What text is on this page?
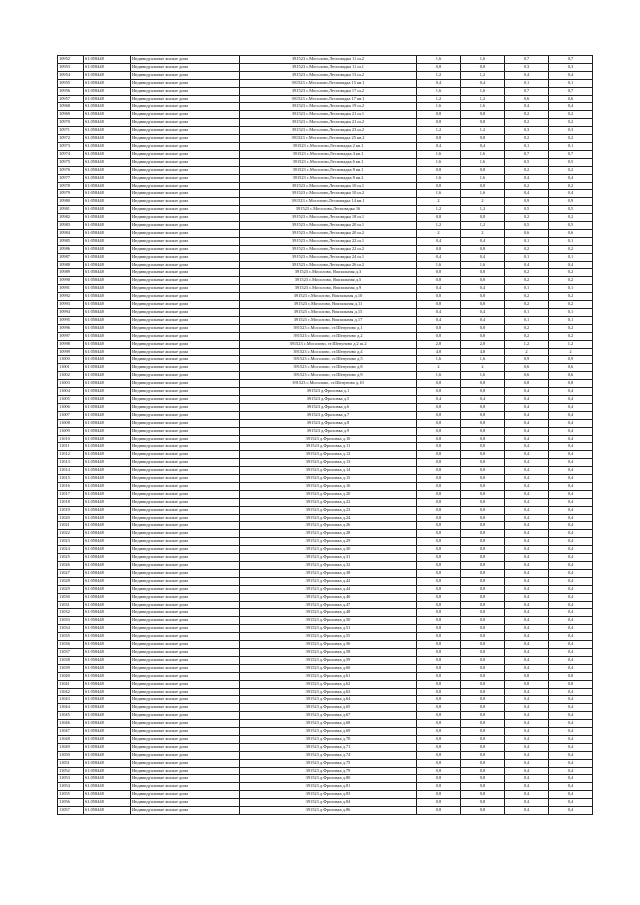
10952	61:058448	Индивидуальные жилые дома	391523 с.Мосолово,Лесповадка 11 ш.2	1,6	1,6	0,7	0,7
10953	61:058448	Индивидуальные жилые дома	391523 с.Мосолово,Лесповадка 11 ш.1	0,8	0,8	0,3	0,3
10954	61:058448	Индивидуальные жилые дома	391523 с.Мосолово,Лесповадка 13 ш.2	1,2	1,2	0,4	0,4
10955	61:058448	Индивидуальные жилые дома	391523 с.Мосолово,Лесповадка 15 кв.1	0,4	0,4	0,1	0,1
10956	61:058448	Индивидуальные жилые дома	391523 с.Мосолово,Лесповадка 17 ш.2	1,6	1,6	0,7	0,7
10957	61:058448	Индивидуальные жилые дома	391523 с.Мосолово,Лесповадка 17 кв.1	1,2	1,2	0,6	0,6
10968	61:058448	Индивидуальные жилые дома	391523 с.Мосолово,Лесповадка 19 ш.2	1,6	1,6	0,4	0,4
10969	61:058448	Индивидуальные жилые дома	391523 с.Мосолово,Лесповадка 21 ш.1	0,8	0,8	0,2	0,2
10970	61:058448	Индивидуальные жилые дома	391523 с.Мосолово,Лесповадка 21 ш.2	0,8	0,8	0,2	0,2
10971	61:058448	Индивидуальные жилые дома	391523 с.Мосолово,Лесповадка 23 ш.2	1,2	1,2	0,3	0,3
10972	61:058448	Индивидуальные жилые дома	391523 с.Мосолово,Лесповадка 25 кв.2	0,8	0,8	0,2	0,2
10973	61:058448	Индивидуальные жилые дома	391523 с.Мосолово,Лесповадка 2 кв.1	0,4	0,4	0,1	0,1
10974	61:058448	Индивидуальные жилые дома	391523 с.Мосолово,Лесповадка 4 кв.1	1,6	1,6	0,7	0,7
10975	61:058448	Индивидуальные жилые дома	391523 с.Мосолово,Лесповадка 6 кв.1	1,6	1,6	0,5	0,5
10976	61:058448	Индивидуальные жилые дома	391523 с.Мосолово,Лесповадка 8 кв.1	0,8	0,8	0,2	0,2
10977	61:058448	Индивидуальные жилые дома	391523 с.Мосолово,Лесповадка 8 кв.2	1,6	1,6	0,4	0,4
10978	61:058448	Индивидуальные жилые дома	391523 с.Мосолово,Лесповадка 10 ш.1	0,8	0,8	0,2	0,2
10979	61:058448	Индивидуальные жилые дома	391523 с.Мосолово,Лесповадка 10 ш.2	1,6	1,6	0,4	0,4
10980	61:058448	Индивидуальные жилые дома	391523 с.Мосолово,Лесповадка 14 кв.1	2	2	0,9	0,9
10981	61:058448	Индивидуальные жилые дома	391523 с.Мосолово,Лесповадка 16	1,2	1,2	0,5	0,5
10982	61:058448	Индивидуальные жилые дома	391523 с.Мосолово,Лесповадка 18 ш.1	0,8	0,8	0,2	0,2
10983	61:058448	Индивидуальные жилые дома	391523 с.Мосолово,Лесповадка 20 ш.1	1,2	1,2	0,5	0,5
10984	61:058448	Индивидуальные жилые дома	391523 с.Мосолово,Лесповадка 20 ш.2	2	2	0,6	0,6
10985	61:058448	Индивидуальные жилые дома	391523 с.Мосолово,Лесповадка 22 ш.1	0,4	0,4	0,1	0,1
10986	61:058448	Индивидуальные жилые дома	391523 с.Мосолово,Лесповадка 22 ш.2	0,8	0,8	0,2	0,2
10987	61:058448	Индивидуальные жилые дома	391523 с.Мосолово,Лесповадка 24 ш.1	0,4	0,4	0,1	0,1
10988	61:058448	Индивидуальные жилые дома	391523 с.Мосолово,Лесповадка 26 ш.2	1,6	1,6	0,4	0,4
10989	61:058448	Индивидуальные жилые дома	391523 с.Мосолово, Вокзальная д.3	0,8	0,8	0,2	0,2
10990	61:058448	Индивидуальные жилые дома	391523 с.Мосолово, Вокзальная д.5	0,8	0,8	0,2	0,2
10991	61:058448	Индивидуальные жилые дома	391523 с.Мосолово, Вокзальная д.9	0,4	0,4	0,1	0,1
10992	61:058448	Индивидуальные жилые дома	391523 с.Мосолово, Вокзальная д.10	0,8	0,8	0,2	0,2
10993	61:058448	Индивидуальные жилые дома	391523 с.Мосолово, Вокзальная д.11	0,8	0,8	0,2	0,2
10994	61:058448	Индивидуальные жилые дома	391523 с.Мосолово, Вокзальная д.15	0,4	0,4	0,1	0,1
10995	61:058448	Индивидуальные жилые дома	391523 с.Мосолово, Вокзальная д.17	0,4	0,4	0,1	0,1
10996	61:058448	Индивидуальные жилые дома	391523 с.Мосолово, ст.Шепуново д.1	0,8	0,8	0,2	0,2
10997	61:058448	Индивидуальные жилые дома	391523 с.Мосолово, ст.Шепуново д.2	0,8	0,8	0,2	0,2
10998	61:058448	Индивидуальные жилые дома	391523 с.Мосолово, ст.Шепуново д.2 ш.2	2,8	2,8	1,2	1,2
10999	61:058448	Индивидуальные жилые дома	391523 с.Мосолово, ст.Шепуново д.4	4,8	4,8	2	2
11000	61:058448	Индивидуальные жилые дома	391523 с.Мосолово, ст.Шепуново д.5	1,6	1,6	0,9	0,9
11001	61:058448	Индивидуальные жилые дома	391523 с.Мосолово, ст.Шепуново д.8	2	2	0,6	0,6
11002	61:058448	Индивидуальные жилые дома	391523 с.Мосолово, ст.Шепуново д.9	1,6	1,6	0,6	0,6
11003	61:058448	Индивидуальные жилые дома	391523 с.Мосолово, ст.Шепуново д.10	0,8	0,8	0,8	0,8
11004	61:058448	Индивидуальные жилые дома	391523 д.Фроловка д.1	0,8	0,8	0,4	0,4
11005	61:058448	Индивидуальные жилые дома	391523 д.Фроловка д.5	0,4	0,4	0,4	0,4
11006	61:058448	Индивидуальные жилые дома	391523 д.Фроловка д.6	0,8	0,8	0,4	0,4
11007	61:058448	Индивидуальные жилые дома	391523 д.Фроловка д.7	0,8	0,8	0,4	0,4
11008	61:058448	Индивидуальные жилые дома	391523 д.Фроловка д.8	0,8	0,8	0,4	0,4
11009	61:058448	Индивидуальные жилые дома	391523 д.Фроловка д.9	0,8	0,8	0,4	0,4
11010	61:058448	Индивидуальные жилые дома	391523 д.Фроловка д.10	0,8	0,8	0,4	0,4
11011	61:058448	Индивидуальные жилые дома	391523 д.Фроловка д.11	0,8	0,8	0,4	0,4
11012	61:058448	Индивидуальные жилые дома	391523 д.Фроловка д.12	0,8	0,8	0,4	0,4
11013	61:058448	Индивидуальные жилые дома	391523 д.Фроловка д.13	0,8	0,8	0,4	0,4
11014	61:058448	Индивидуальные жилые дома	391523 д.Фроловка д.14	0,8	0,8	0,4	0,4
11015	61:058448	Индивидуальные жилые дома	391523 д.Фроловка д.15	0,8	0,8	0,4	0,4
11016	61:058448	Индивидуальные жилые дома	391523 д.Фроловка д.16	0,8	0,8	0,4	0,4
11017	61:058448	Индивидуальные жилые дома	391523 д.Фроловка д.20	0,8	0,8	0,4	0,4
11018	61:058448	Индивидуальные жилые дома	391523 д.Фроловка д.22	0,8	0,8	0,4	0,4
11019	61:058448	Индивидуальные жилые дома	391523 д.Фроловка д.23	0,8	0,8	0,4	0,4
11020	61:058448	Индивидуальные жилые дома	391523 д.Фроловка д.24	0,8	0,8	0,4	0,4
11021	61:058448	Индивидуальные жилые дома	391523 д.Фроловка д.26	0,8	0,8	0,4	0,4
11022	61:058448	Индивидуальные жилые дома	391523 д.Фроловка д.28	0,8	0,8	0,4	0,4
11023	61:058448	Индивидуальные жилые дома	391523 д.Фроловка д.29	0,8	0,8	0,4	0,4
11024	61:058448	Индивидуальные жилые дома	391523 д.Фроловка д.30	0,8	0,8	0,4	0,4
11025	61:058448	Индивидуальные жилые дома	391523 д.Фроловка д.31	0,8	0,8	0,4	0,4
11026	61:058448	Индивидуальные жилые дома	391523 д.Фроловка д.32	0,8	0,8	0,4	0,4
11027	61:058448	Индивидуальные жилые дома	391523 д.Фроловка д.38	0,8	0,8	0,4	0,4
11028	61:058448	Индивидуальные жилые дома	391523 д.Фроловка д.42	0,8	0,8	0,4	0,4
11029	61:058448	Индивидуальные жилые дома	391523 д.Фроловка д.44	0,8	0,8	0,4	0,4
11030	61:058448	Индивидуальные жилые дома	391523 д.Фроловка д.46	0,8	0,8	0,4	0,4
11031	61:058448	Индивидуальные жилые дома	391523 д.Фроловка д.47	0,8	0,8	0,4	0,4
11032	61:058448	Индивидуальные жилые дома	391523 д.Фроловка д.48	0,8	0,8	0,4	0,4
11033	61:058448	Индивидуальные жилые дома	391523 д.Фроловка д.50	0,8	0,8	0,4	0,4
11034	61:058448	Индивидуальные жилые дома	391523 д.Фроловка д.51	0,8	0,8	0,4	0,4
11035	61:058448	Индивидуальные жилые дома	391523 д.Фроловка д.55	0,8	0,8	0,4	0,4
11036	61:058448	Индивидуальные жилые дома	391523 д.Фроловка д.56	0,8	0,8	0,4	0,4
11037	61:058448	Индивидуальные жилые дома	391523 д.Фроловка д.58	0,8	0,8	0,4	0,4
11038	61:058448	Индивидуальные жилые дома	391523 д.Фроловка д.59	0,8	0,8	0,4	0,4
11039	61:058448	Индивидуальные жилые дома	391523 д.Фроловка д.60	0,8	0,8	0,4	0,4
11040	61:058448	Индивидуальные жилые дома	391523 д.Фроловка д.61	0,8	0,8	0,8	0,8
11041	61:058448	Индивидуальные жилые дома	391523 д.Фроловка д.62	0,8	0,8	0,8	0,8
11042	61:058448	Индивидуальные жилые дома	391523 д.Фроловка д.63	0,8	0,8	0,4	0,4
11043	61:058448	Индивидуальные жилые дома	391523 д.Фроловка д.64	0,8	0,8	0,4	0,4
11044	61:058448	Индивидуальные жилые дома	391523 д.Фроловка д.65	0,8	0,8	0,4	0,4
11045	61:058448	Индивидуальные жилые дома	391523 д.Фроловка д.67	0,8	0,8	0,4	0,4
11046	61:058448	Индивидуальные жилые дома	391523 д.Фроловка д.68	0,8	0,8	0,4	0,4
11047	61:058448	Индивидуальные жилые дома	391523 д.Фроловка д.69	0,8	0,8	0,4	0,4
11048	61:058448	Индивидуальные жилые дома	391523 д.Фроловка д.70	0,8	0,8	0,4	0,4
11049	61:058448	Индивидуальные жилые дома	391523 д.Фроловка д.71	0,8	0,8	0,4	0,4
11050	61:058448	Индивидуальные жилые дома	391523 д.Фроловка д.74	0,8	0,8	0,4	0,4
11051	61:058448	Индивидуальные жилые дома	391523 д.Фроловка д.75	0,8	0,8	0,4	0,4
11052	61:058448	Индивидуальные жилые дома	391523 д.Фроловка д.79	0,8	0,8	0,4	0,4
11053	61:058448	Индивидуальные жилые дома	391523 д.Фроловка д.80	0,8	0,8	0,4	0,4
11054	61:058448	Индивидуальные жилые дома	391523 д.Фроловка д.81	0,8	0,8	0,4	0,4
11055	61:058448	Индивидуальные жилые дома	391523 д.Фроловка д.83	0,8	0,8	0,4	0,4
11056	61:058448	Индивидуальные жилые дома	391523 д.Фроловка д.84	0,8	0,8	0,4	0,4
11057	61:058448	Индивидуальные жилые дома	391523 д.Фроловка д.86	0,8	0,8	0,4	0,4
